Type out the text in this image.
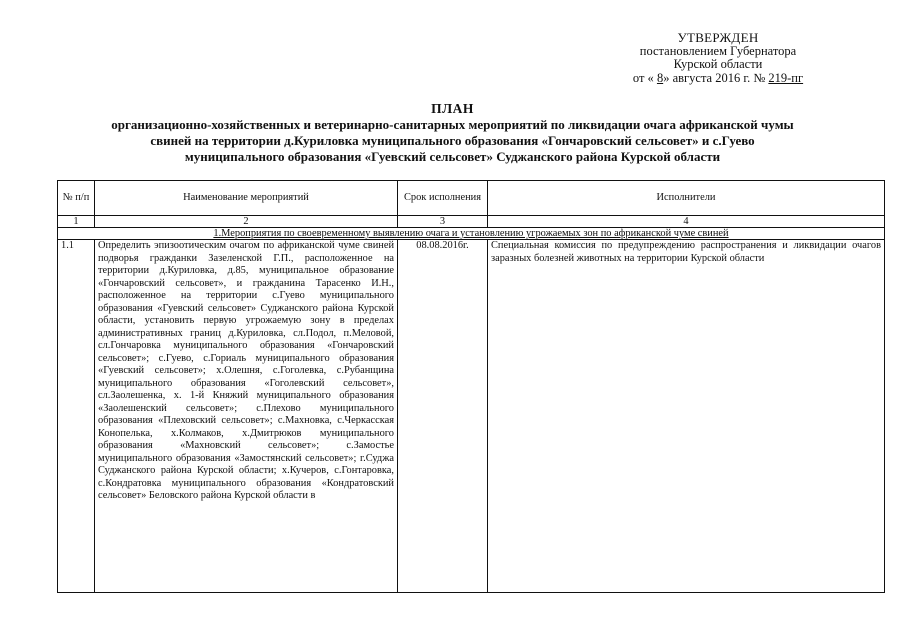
УТВЕРЖДЕН
постановлением Губернатора
Курской области
от « 8» августа 2016 г. № 219-пг
ПЛАН
организационно-хозяйственных и ветеринарно-санитарных мероприятий по ликвидации очага африканской чумы
свиней на территории д.Куриловка муниципального образования «Гончаровский сельсовет» и с.Гуево
муниципального образования «Гуевский сельсовет» Суджанского района Курской области
№ п/п	Наименование мероприятий	Срок исполнения	Исполнители
1	2	3	4
1.Мероприятия по своевременному выявлению очага и установлению угрожаемых зон по африканской чуме свиней			
1.1	Определить эпизоотическим очагом по африканской чуме свиней подворья гражданки Зазеленской Г.П., расположенное на территории д.Куриловка, д.85, муниципальное образование «Гончаровский сельсовет», и гражданина Тарасенко И.Н., расположенное на территории с.Гуево муниципального образования «Гуевский сельсовет» Суджанского района Курской области, установить первую угрожаемую зону в пределах административных границ д.Куриловка, сл.Подол, п.Меловой, сл.Гончаровка муниципального образования «Гончаровский сельсовет»; с.Гуево, с.Гориаль муниципального образования «Гуевский сельсовет»; х.Олешня, с.Гоголевка, с.Рубанщина муниципального образования «Гоголевский сельсовет», сл.Заолешенка, х. 1-й Княжий муниципального образования «Заолешенский сельсовет»; с.Плехово муниципального образования «Плеховский сельсовет»; с.Махновка, с.Черкасская Конопелька, х.Колмаков, х.Дмитрюков муниципального образования «Махновский сельсовет»; с.Замостье муниципального образования «Замостянский сельсовет»; г.Суджа Суджанского района Курской области; х.Кучеров, с.Гонтаровка, с.Кондратовка муниципального образования «Кондратовский сельсовет» Беловского района Курской области в	08.08.2016г.	Специальная комиссия по предупреждению распространения и ликвидации очагов заразных болезней животных на территории Курской области
